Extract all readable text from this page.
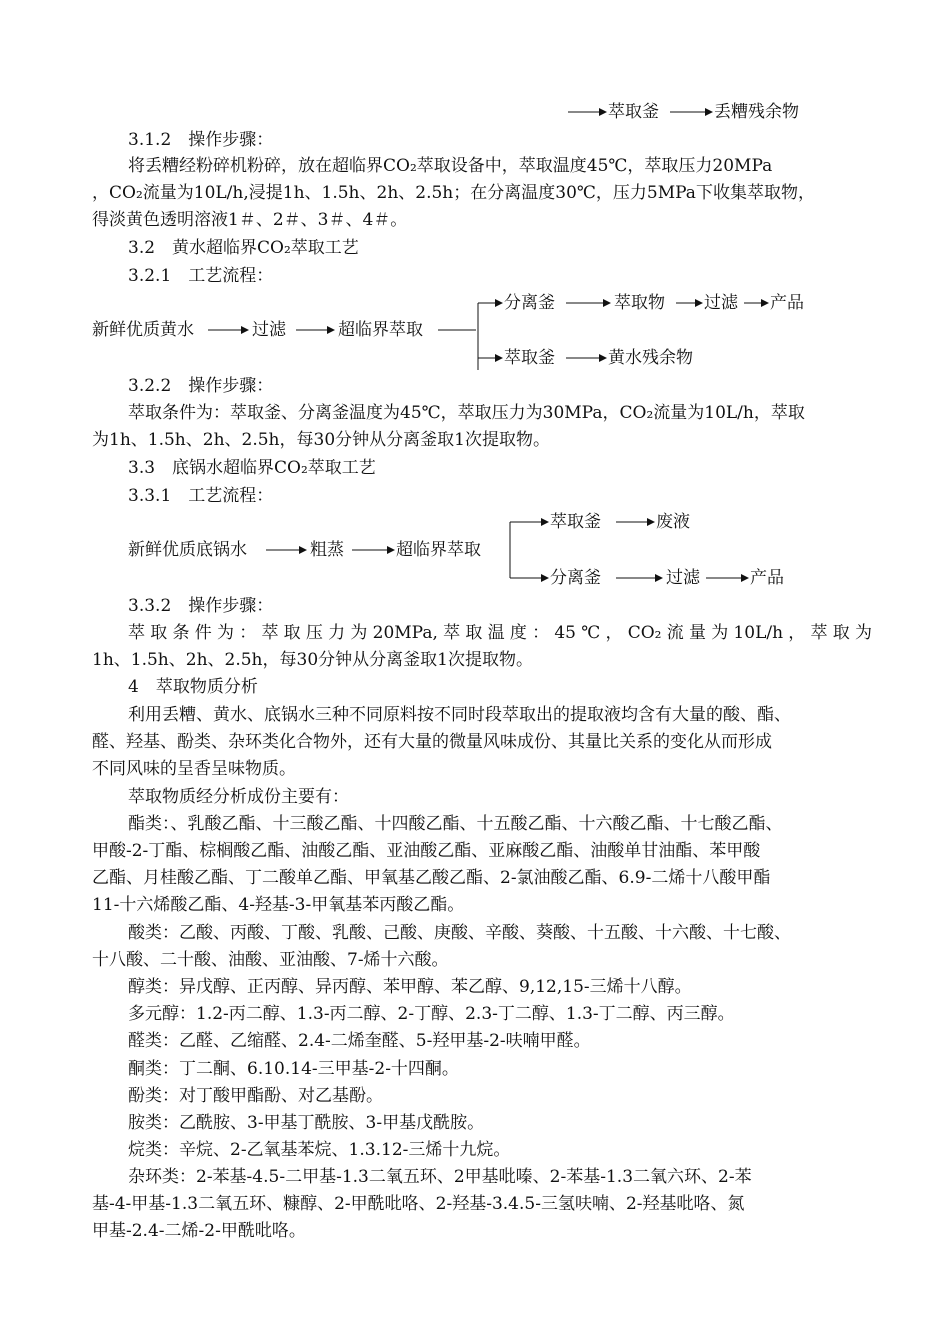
萃取釜	丢糟残余物
3.1.2　操作步骤：
将丢糟经粉碎机粉碎，放在超临界CO₂萃取设备中，萃取温度45℃，萃取压力20MPa
，CO₂流量为10L/h,浸提1h、1.5h、2h、2.5h；在分离温度30℃，压力5MPa下收集萃取物，
得淡黄色透明溶液1＃、2＃、3＃、4＃。
3.2　黄水超临界CO₂萃取工艺
3.2.1　工艺流程：
新鲜优质黄水	过滤	超临界萃取
分离釜	萃取物 过滤 产品
萃取釜	黄水残余物
3.2.2　操作步骤：
萃取条件为：萃取釜、分离釜温度为45℃，萃取压力为30MPa，CO₂流量为10L/h，萃取
为1h、1.5h、2h、2.5h，每30分钟从分离釜取1次提取物。
3.3　底锅水超临界CO₂萃取工艺
3.3.1　工艺流程：
新鲜优质底锅水	粗蒸	超临界萃取
萃取釜	废液
分离釜	过滤	产品
3.3.2　操作步骤：
萃取条件为：萃取压力为20MPa,萃取温度：45℃，CO₂流量为10L/h，萃取为
1h、1.5h、2h、2.5h，每30分钟从分离釜取1次提取物。
4　萃取物质分析
利用丢糟、黄水、底锅水三种不同原料按不同时段萃取出的提取液均含有大量的酸、酯、
醛、羟基、酚类、杂环类化合物外，还有大量的微量风味成份、其量比关系的变化从而形成
不同风味的呈香呈味物质。
萃取物质经分析成份主要有：
酯类：、乳酸乙酯、十三酸乙酯、十四酸乙酯、十五酸乙酯、十六酸乙酯、十七酸乙酯、
甲酸-2-丁酯、棕榈酸乙酯、油酸乙酯、亚油酸乙酯、亚麻酸乙酯、油酸单甘油酯、苯甲酸
乙酯、月桂酸乙酯、丁二酸单乙酯、甲氧基乙酸乙酯、2-氯油酸乙酯、6.9-二烯十八酸甲酯
11-十六烯酸乙酯、4-羟基-3-甲氧基苯丙酸乙酯。
酸类：乙酸、丙酸、丁酸、乳酸、己酸、庚酸、辛酸、葵酸、十五酸、十六酸、十七酸、
十八酸、二十酸、油酸、亚油酸、7-烯十六酸。
醇类：异戊醇、正丙醇、异丙醇、苯甲醇、苯乙醇、9,12,15-三烯十八醇。
多元醇：1.2-丙二醇、1.3-丙二醇、2-丁醇、2.3-丁二醇、1.3-丁二醇、丙三醇。
醛类：乙醛、乙缩醛、2.4-二烯奎醛、5-羟甲基-2-呋喃甲醛。
酮类：丁二酮、6.10.14-三甲基-2-十四酮。
酚类：对丁酸甲酯酚、对乙基酚。
胺类：乙酰胺、3-甲基丁酰胺、3-甲基戊酰胺。
烷类：辛烷、2-乙氧基苯烷、1.3.12-三烯十九烷。
杂环类：2-苯基-4.5-二甲基-1.3二氧五环、2甲基吡嗪、2-苯基-1.3二氧六环、2-苯
基-4-甲基-1.3二氧五环、糠醇、2-甲酰吡咯、2-羟基-3.4.5-三氢呋喃、2-羟基吡咯、氮
甲基-2.4-二烯-2-甲酰吡咯。
